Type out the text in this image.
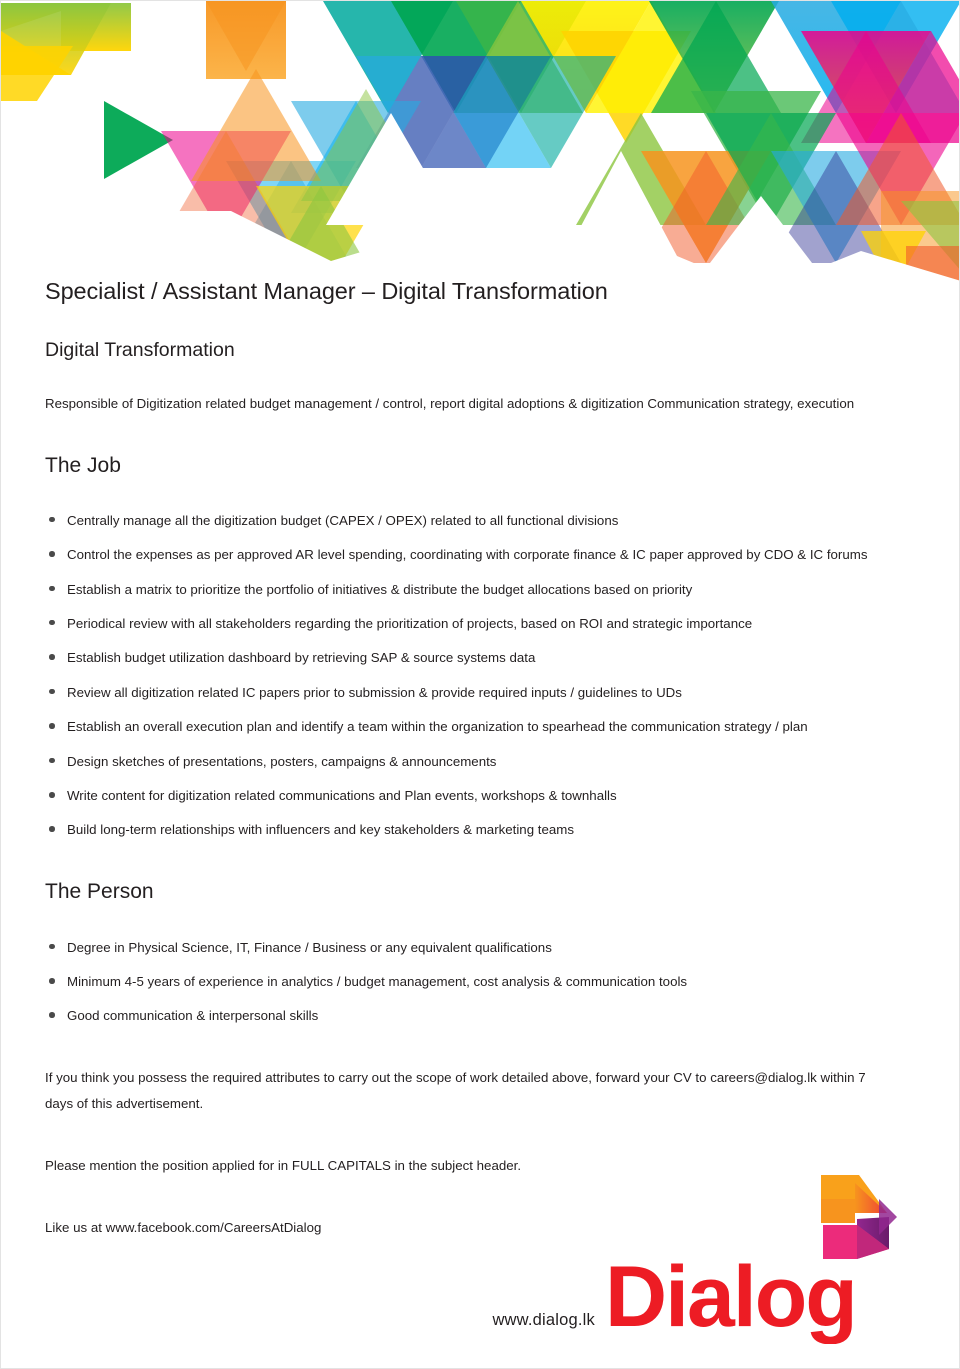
Specialist / Assistant Manager – Digital Transformation
Digital Transformation

Responsible of Digitization related budget management / control, report digital adoptions & digitization Communication strategy, execution

The Job
Centrally manage all the digitization budget (CAPEX / OPEX) related to all functional divisions
Control the expenses as per approved AR level spending, coordinating with corporate finance & IC paper approved by CDO & IC forums
Establish a matrix to prioritize the portfolio of initiatives & distribute the budget allocations based on priority
Periodical review with all stakeholders regarding the prioritization of projects, based on ROI and strategic importance
Establish budget utilization dashboard by retrieving SAP & source systems data
Review all digitization related IC papers prior to submission & provide required inputs / guidelines to UDs
Establish an overall execution plan and identify a team within the organization to spearhead the communication strategy / plan
Design sketches of presentations, posters, campaigns & announcements
Write content for digitization related communications and Plan events, workshops & townhalls
Build long-term relationships with influencers and key stakeholders & marketing teams
The Person
Degree in Physical Science, IT, Finance / Business or any equivalent qualifications
Minimum 4-5 years of experience in analytics / budget management, cost analysis & communication tools
Good communication & interpersonal skills

If you think you possess the required attributes to carry out the scope of work detailed above, forward your CV to careers@dialog.lk within 7 days of this advertisement.

Please mention the position applied for in FULL CAPITALS in the subject header.

Like us at www.facebook.com/CareersAtDialog

www.dialog.lk Dialog
